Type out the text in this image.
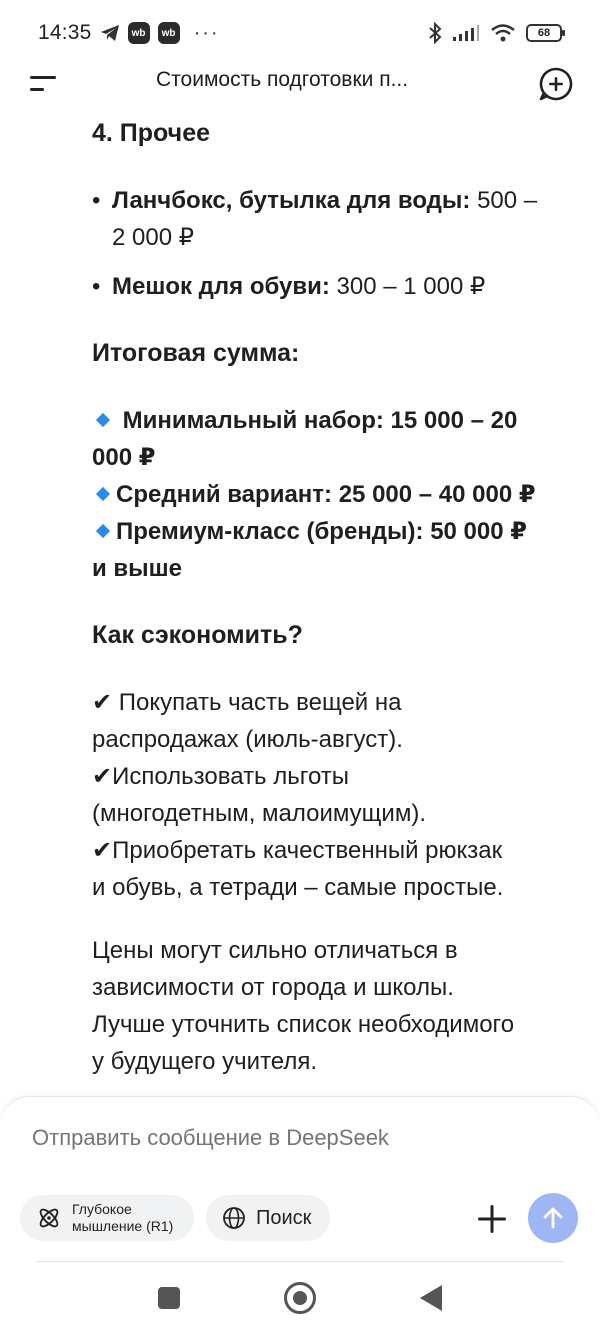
14:35	wb	wb ···	68
Стоимость подготовки п...
4. Прочее
• Ланчбокс, бутылка для воды: 500 –
2 000 ₽
• Мешок для обуви: 300 – 1 000 ₽
Итоговая сумма:
Минимальный набор: 15 000 – 20
000 ₽
Средний вариант: 25 000 – 40 000 ₽
Премиум-класс (бренды): 50 000 ₽
и выше
Как сэкономить?
✔ Покупать часть вещей на
распродажах (июль-август).
✔Использовать льготы
(многодетным, малоимущим).
✔Приобретать качественный рюкзак
и обувь, а тетради – самые простые.
Цены могут сильно отличаться в
зависимости от города и школы.
Лучше уточнить список необходимого
у будущего учителя.
Отправить сообщение в DeepSeek
Глубокое
мышление (R1)	Поиск
